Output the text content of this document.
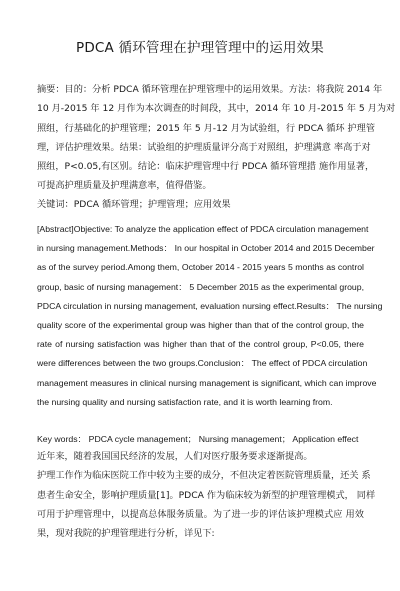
PDCA 循环管理在护理管理中的运用效果
摘要：目的：分析 PDCA 循环管理在护理管理中的运用效果。方法：将我院 2014 年
10 月-2015 年 12 月作为本次调查的时间段，其中，2014 年 10 月-2015 年 5 月为对
照组，行基础化的护理管理；2015 年 5 月-12 月为试验组，行 PDCA 循环 护理管
理，评估护理效果。结果：试验组的护理质量评分高于对照组，护理满意 率高于对
照组，P<0.05,有区别。结论：临床护理管理中行 PDCA 循环管理措 施作用显著，
可提高护理质量及护理满意率，值得借鉴。
关键词：PDCA 循环管理；护理管理；应用效果
[Abstract]Objective: To analyze the application effect of PDCA circulation management
in nursing management.Methods： In our hospital in October 2014 and 2015 December
as of the survey period.Among them, October 2014 - 2015 years 5 months as control
group, basic of nursing management： 5 December 2015 as the experimental group,
PDCA circulation in nursing management, evaluation nursing effect.Results： The nursing
quality score of the experimental group was higher than that of the control group, the
rate of nursing satisfaction was higher than that of the control group, P<0.05, there
were differences between the two groups.Conclusion： The effect of PDCA circulation
management measures in clinical nursing management is significant, which can improve
the nursing quality and nursing satisfaction rate, and it is worth learning from.
Key words： PDCA cycle management； Nursing management； Application effect
近年来，随着我国国民经济的发展，人们对医疗服务要求逐渐提高。
护理工作作为临床医院工作中较为主要的成分，不但决定着医院管理质量，还关 系
患者生命安全，影响护理质量[1]。PDCA 作为临床较为新型的护理管理模式， 同样
可用于护理管理中，以提高总体服务质量。为了进一步的评估该护理模式应 用效
果，现对我院的护理管理进行分析，详见下:
